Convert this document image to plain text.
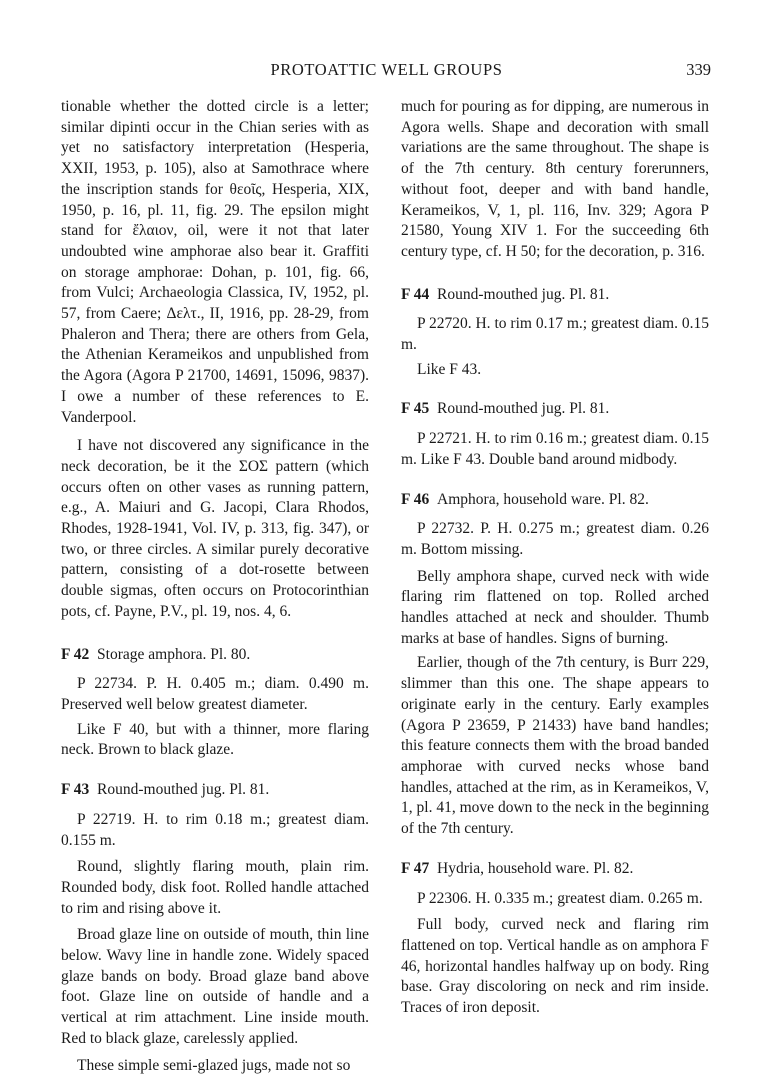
PROTOATTIC WELL GROUPS	339

tionable whether the dotted circle is a letter; similar dipinti occur in the Chian series with as yet no satisfactory interpretation (Hesperia, XXII, 1953, p. 105), also at Samothrace where the inscription stands for θεοῖς, Hesperia, XIX, 1950, p. 16, pl. 11, fig. 29. The epsilon might stand for ἔλαιον, oil, were it not that later undoubted wine amphorae also bear it. Graffiti on storage amphorae: Dohan, p. 101, fig. 66, from Vulci; Archaeologia Classica, IV, 1952, pl. 57, from Caere; Δελτ., II, 1916, pp. 28-29, from Phaleron and Thera; there are others from Gela, the Athenian Kerameikos and unpublished from the Agora (Agora P 21700, 14691, 15096, 9837). I owe a number of these references to E. Vanderpool.

I have not discovered any significance in the neck decoration, be it the ΣΟΣ pattern (which occurs often on other vases as running pattern, e.g., A. Maiuri and G. Jacopi, Clara Rhodos, Rhodes, 1928-1941, Vol. IV, p. 313, fig. 347), or two, or three circles. A similar purely decorative pattern, consisting of a dot-rosette between double sigmas, often occurs on Protocorinthian pots, cf. Payne, P.V., pl. 19, nos. 4, 6.

F 42 Storage amphora. Pl. 80.

P 22734. P. H. 0.405 m.; diam. 0.490 m. Preserved well below greatest diameter.

Like F 40, but with a thinner, more flaring neck. Brown to black glaze.

F 43 Round-mouthed jug. Pl. 81.

P 22719. H. to rim 0.18 m.; greatest diam. 0.155 m.

Round, slightly flaring mouth, plain rim. Rounded body, disk foot. Rolled handle attached to rim and rising above it.

Broad glaze line on outside of mouth, thin line below. Wavy line in handle zone. Widely spaced glaze bands on body. Broad glaze band above foot. Glaze line on outside of handle and a vertical at rim attachment. Line inside mouth. Red to black glaze, carelessly applied.

These simple semi-glazed jugs, made not so

much for pouring as for dipping, are numerous in Agora wells. Shape and decoration with small variations are the same throughout. The shape is of the 7th century. 8th century forerunners, without foot, deeper and with band handle, Kerameikos, V, 1, pl. 116, Inv. 329; Agora P 21580, Young XIV 1. For the succeeding 6th century type, cf. H 50; for the decoration, p. 316.

F 44 Round-mouthed jug. Pl. 81.

P 22720. H. to rim 0.17 m.; greatest diam. 0.15 m.

Like F 43.

F 45 Round-mouthed jug. Pl. 81.

P 22721. H. to rim 0.16 m.; greatest diam. 0.15 m. Like F 43. Double band around midbody.

F 46 Amphora, household ware. Pl. 82.

P 22732. P. H. 0.275 m.; greatest diam. 0.26 m. Bottom missing.

Belly amphora shape, curved neck with wide flaring rim flattened on top. Rolled arched handles attached at neck and shoulder. Thumb marks at base of handles. Signs of burning.

Earlier, though of the 7th century, is Burr 229, slimmer than this one. The shape appears to originate early in the century. Early examples (Agora P 23659, P 21433) have band handles; this feature connects them with the broad banded amphorae with curved necks whose band handles, attached at the rim, as in Kerameikos, V, 1, pl. 41, move down to the neck in the beginning of the 7th century.

F 47 Hydria, household ware. Pl. 82.

P 22306. H. 0.335 m.; greatest diam. 0.265 m.

Full body, curved neck and flaring rim flattened on top. Vertical handle as on amphora F 46, horizontal handles halfway up on body. Ring base. Gray discoloring on neck and rim inside. Traces of iron deposit.
